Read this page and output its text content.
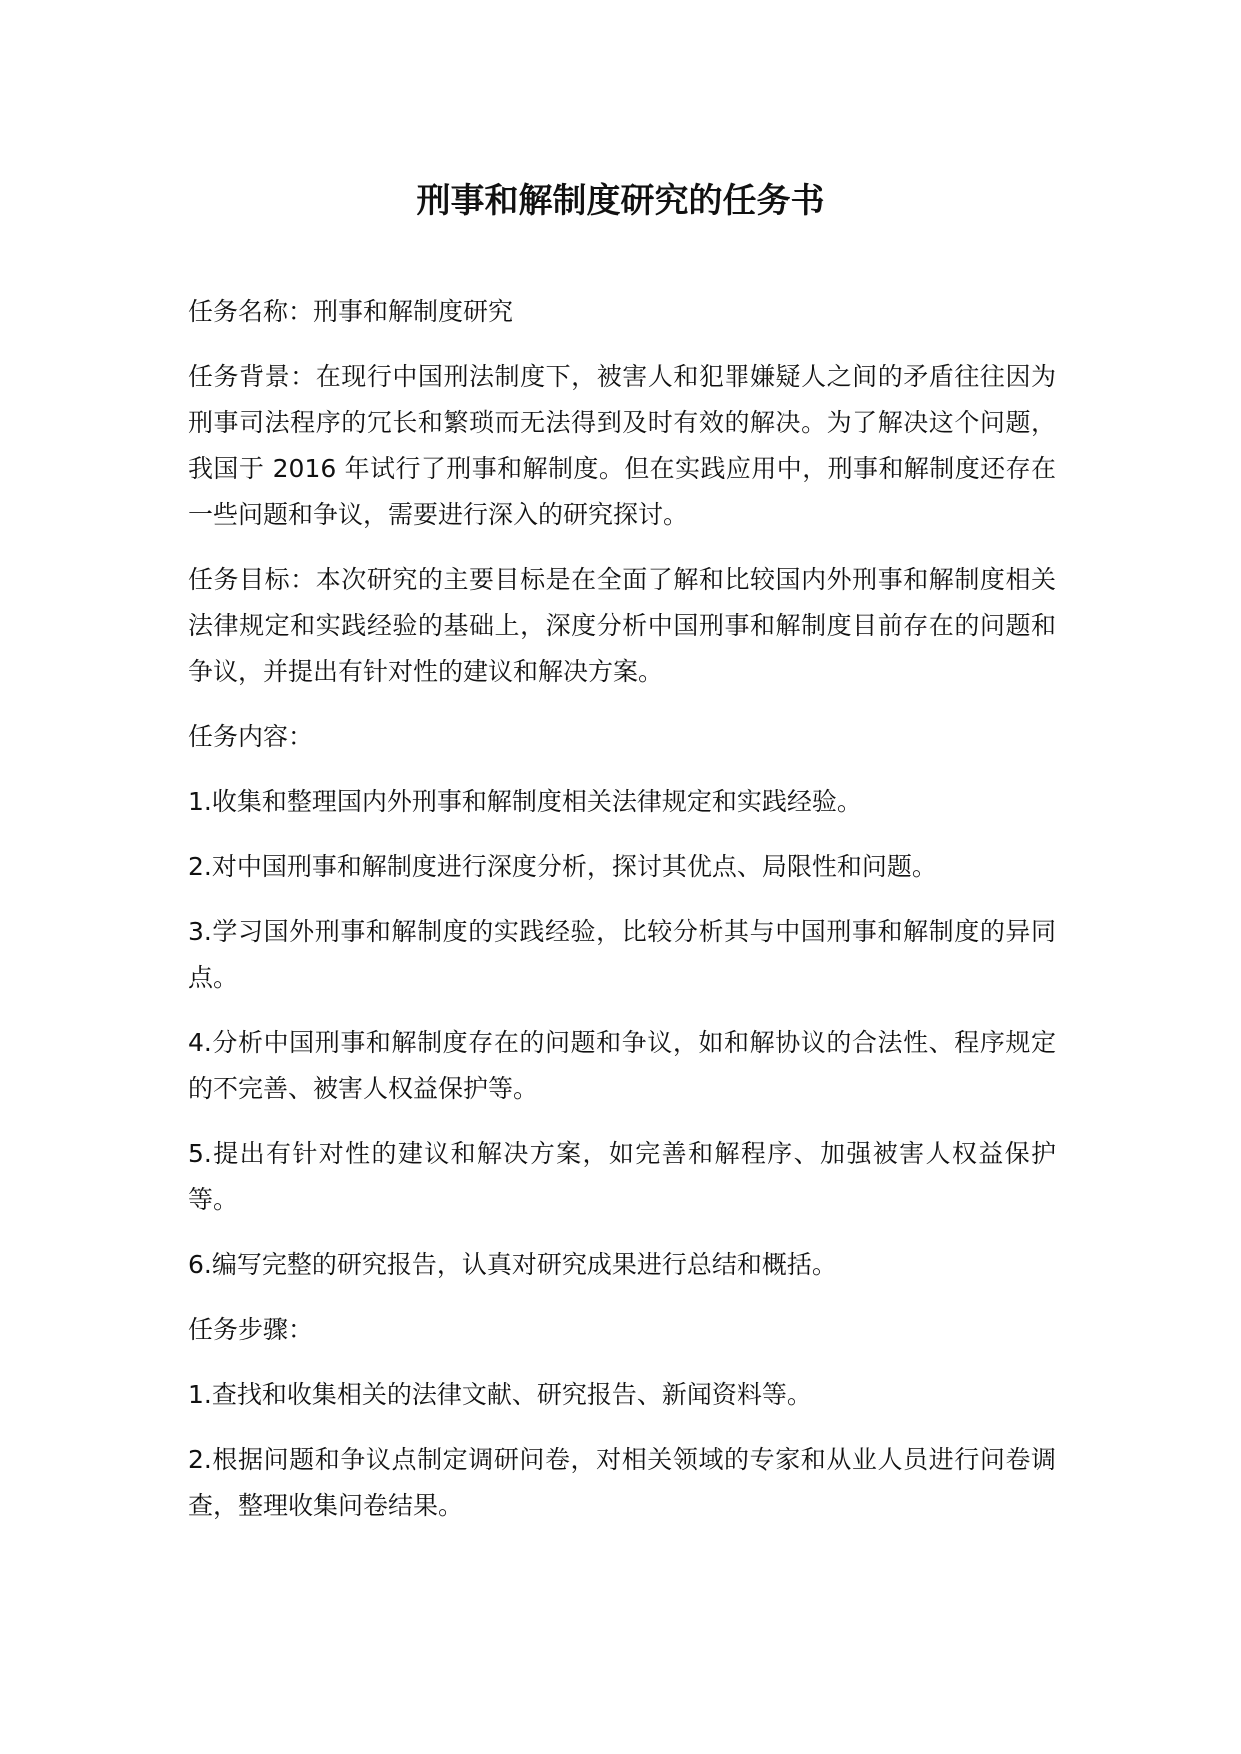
刑事和解制度研究的任务书

任务名称：刑事和解制度研究

任务背景：在现行中国刑法制度下，被害人和犯罪嫌疑人之间的矛盾往往因为刑事司法程序的冗长和繁琐而无法得到及时有效的解决。为了解决这个问题，我国于 2016 年试行了刑事和解制度。但在实践应用中，刑事和解制度还存在一些问题和争议，需要进行深入的研究探讨。

任务目标：本次研究的主要目标是在全面了解和比较国内外刑事和解制度相关法律规定和实践经验的基础上，深度分析中国刑事和解制度目前存在的问题和争议，并提出有针对性的建议和解决方案。

任务内容：

1.收集和整理国内外刑事和解制度相关法律规定和实践经验。

2.对中国刑事和解制度进行深度分析，探讨其优点、局限性和问题。

3.学习国外刑事和解制度的实践经验，比较分析其与中国刑事和解制度的异同点。

4.分析中国刑事和解制度存在的问题和争议，如和解协议的合法性、程序规定的不完善、被害人权益保护等。

5.提出有针对性的建议和解决方案，如完善和解程序、加强被害人权益保护等。

6.编写完整的研究报告，认真对研究成果进行总结和概括。

任务步骤：

1.查找和收集相关的法律文献、研究报告、新闻资料等。

2.根据问题和争议点制定调研问卷，对相关领域的专家和从业人员进行问卷调查，整理收集问卷结果。
